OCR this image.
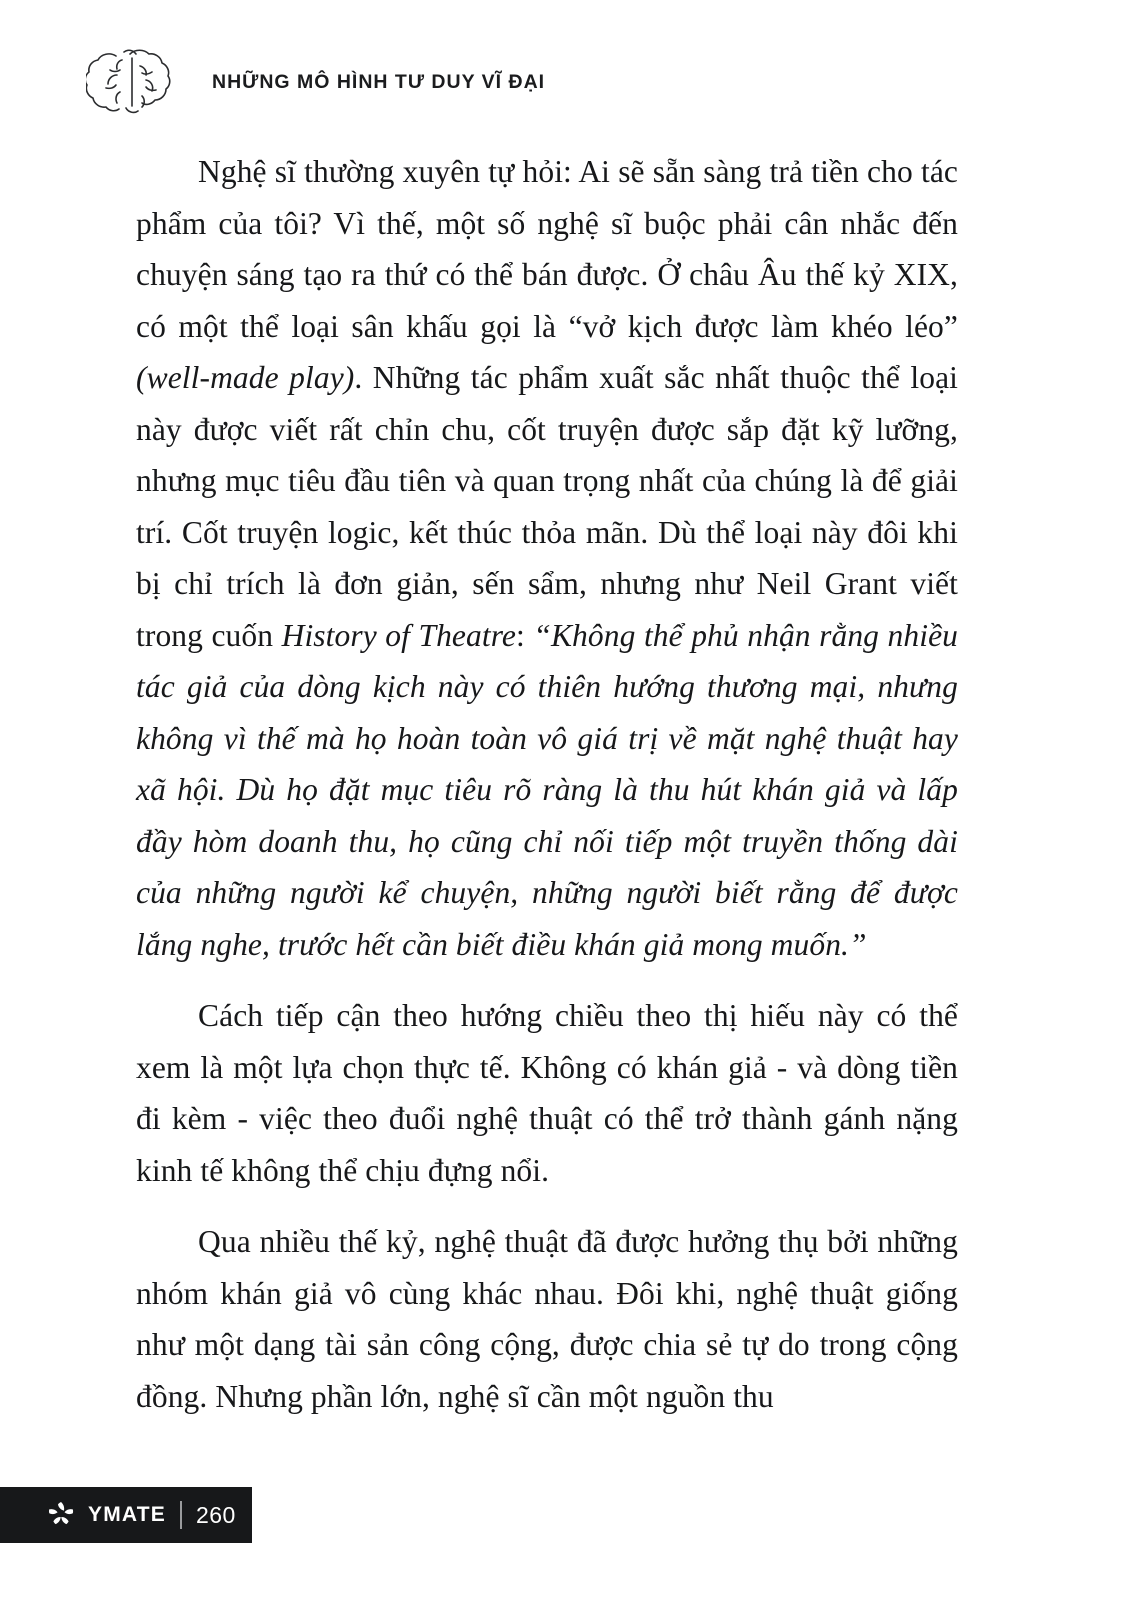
NHỮNG MÔ HÌNH TƯ DUY VĨ ĐẠI

Nghệ sĩ thường xuyên tự hỏi: Ai sẽ sẵn sàng trả tiền cho tác phẩm của tôi? Vì thế, một số nghệ sĩ buộc phải cân nhắc đến chuyện sáng tạo ra thứ có thể bán được. Ở châu Âu thế kỷ XIX, có một thể loại sân khấu gọi là “vở kịch được làm khéo léo” (well-made play). Những tác phẩm xuất sắc nhất thuộc thể loại này được viết rất chỉn chu, cốt truyện được sắp đặt kỹ lưỡng, nhưng mục tiêu đầu tiên và quan trọng nhất của chúng là để giải trí. Cốt truyện logic, kết thúc thỏa mãn. Dù thể loại này đôi khi bị chỉ trích là đơn giản, sến sẩm, nhưng như Neil Grant viết trong cuốn History of Theatre: “Không thể phủ nhận rằng nhiều tác giả của dòng kịch này có thiên hướng thương mại, nhưng không vì thế mà họ hoàn toàn vô giá trị về mặt nghệ thuật hay xã hội. Dù họ đặt mục tiêu rõ ràng là thu hút khán giả và lấp đầy hòm doanh thu, họ cũng chỉ nối tiếp một truyền thống dài của những người kể chuyện, những người biết rằng để được lắng nghe, trước hết cần biết điều khán giả mong muốn.”

Cách tiếp cận theo hướng chiều theo thị hiếu này có thể xem là một lựa chọn thực tế. Không có khán giả - và dòng tiền đi kèm - việc theo đuổi nghệ thuật có thể trở thành gánh nặng kinh tế không thể chịu đựng nổi.

Qua nhiều thế kỷ, nghệ thuật đã được hưởng thụ bởi những nhóm khán giả vô cùng khác nhau. Đôi khi, nghệ thuật giống như một dạng tài sản công cộng, được chia sẻ tự do trong cộng đồng. Nhưng phần lớn, nghệ sĩ cần một nguồn thu

YMATE 260
